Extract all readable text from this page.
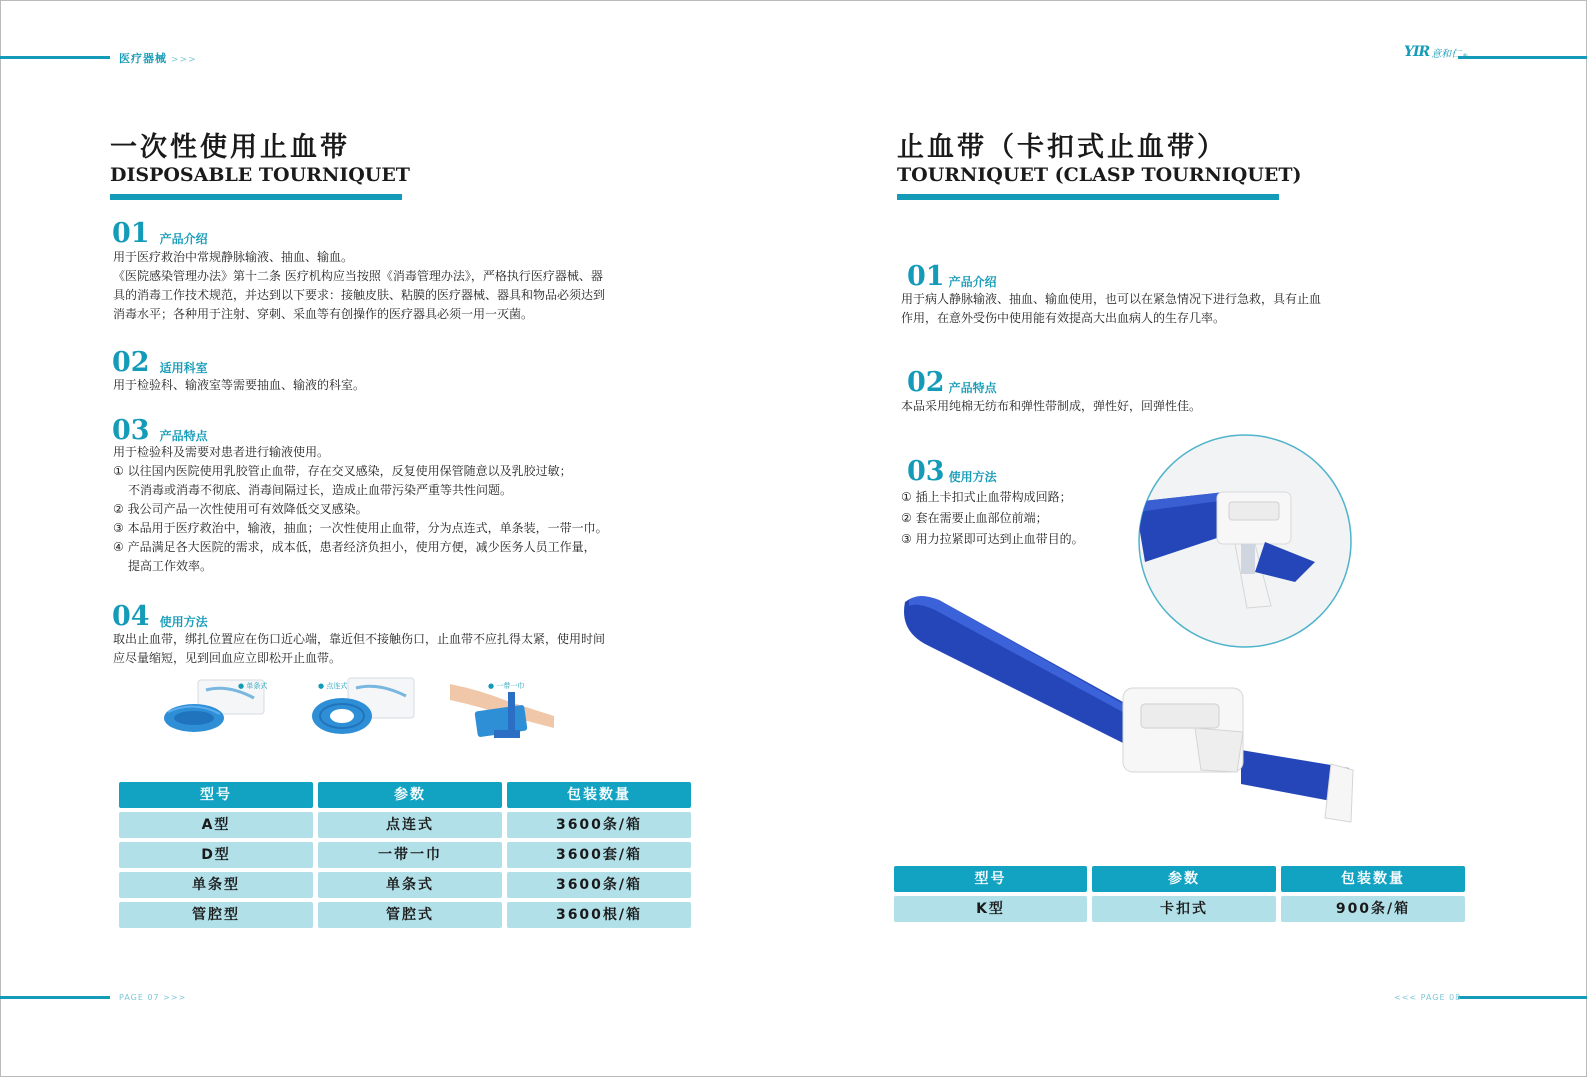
医疗器械 >>>	YIR 意和仁 ®
PAGE 07 >>>	<<< PAGE 08
一次性使用止血带
DISPOSABLE TOURNIQUET
01 产品介绍

用于医疗救治中常规静脉输液、抽血、输血。

《医院感染管理办法》第十二条 医疗机构应当按照《消毒管理办法》，严格执行医疗器械、器

具的消毒工作技术规范，并达到以下要求：接触皮肤、粘膜的医疗器械、器具和物品必须达到

消毒水平；各种用于注射、穿刺、采血等有创操作的医疗器具必须一用一灭菌。

02 适用科室

用于检验科、输液室等需要抽血、输液的科室。

03 产品特点

用于检验科及需要对患者进行输液使用。

① 以往国内医院使用乳胶管止血带，存在交叉感染，反复使用保管随意以及乳胶过敏；

不消毒或消毒不彻底、消毒间隔过长，造成止血带污染严重等共性问题。

② 我公司产品一次性使用可有效降低交叉感染。

③ 本品用于医疗救治中，输液，抽血；一次性使用止血带，分为点连式，单条装，一带一巾。

④ 产品满足各大医院的需求，成本低，患者经济负担小，使用方便，减少医务人员工作量，

提高工作效率。

04 使用方法

取出止血带，绑扎位置应在伤口近心端，靠近但不接触伤口，止血带不应扎得太紧，使用时间

应尽量缩短，见到回血应立即松开止血带。

● 单条式	● 点连式	● 一带一巾
型号	参数	包装数量
A型	点连式	3600条/箱
D型	一带一巾	3600套/箱
单条型	单条式	3600条/箱
管腔型	管腔式	3600根/箱
止血带（卡扣式止血带）
TOURNIQUET (CLASP TOURNIQUET)
01 产品介绍

用于病人静脉输液、抽血、输血使用，也可以在紧急情况下进行急救，具有止血

作用，在意外受伤中使用能有效提高大出血病人的生存几率。

02 产品特点

本品采用纯棉无纺布和弹性带制成，弹性好，回弹性佳。

03 使用方法

① 插上卡扣式止血带构成回路；

② 套在需要止血部位前端；

③ 用力拉紧即可达到止血带目的。

型号	参数	包装数量
K型	卡扣式	900条/箱
